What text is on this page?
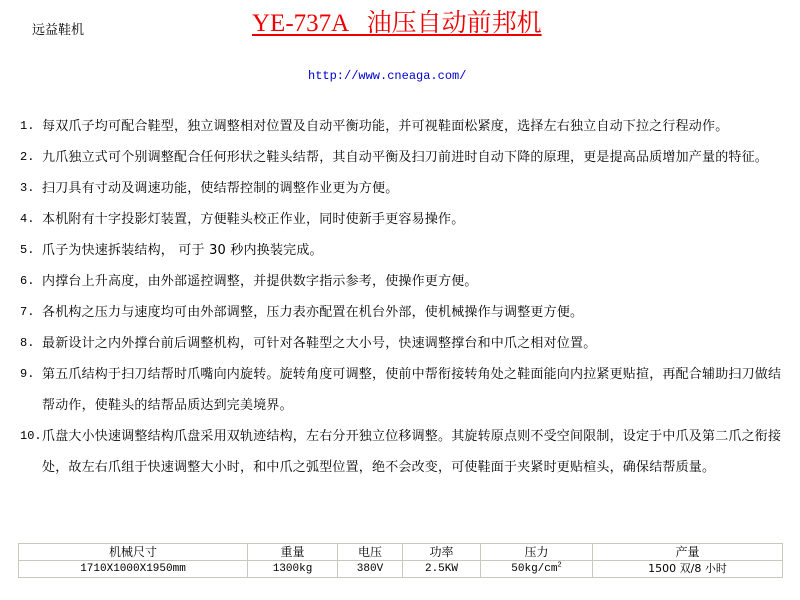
远益鞋机	YE-737A   油压自动前邦机
http://www.cneaga.com/
1. 每双爪子均可配合鞋型，独立调整相对位置及自动平衡功能，并可视鞋面松紧度，选择左右独立自动下拉之行程动作。
2. 九爪独立式可个别调整配合任何形状之鞋头结帮，其自动平衡及扫刀前进时自动下降的原理，更是提高品质增加产量的特征。
3. 扫刀具有寸动及调速功能，使结帮控制的调整作业更为方便。
4. 本机附有十字投影灯装置，方便鞋头校正作业，同时使新手更容易操作。
5. 爪子为快速拆装结构， 可于 30 秒内换装完成。
6. 内撑台上升高度，由外部遥控调整，并提供数字指示参考，使操作更方便。
7. 各机构之压力与速度均可由外部调整，压力表亦配置在机台外部，使机械操作与调整更方便。
8. 最新设计之内外撑台前后调整机构，可针对各鞋型之大小号，快速调整撑台和中爪之相对位置。
9. 第五爪结构于扫刀结帮时爪嘴向内旋转。旋转角度可调整，使前中帮衔接转角处之鞋面能向内拉紧更贴揎，再配合辅助扫刀做结帮动作，使鞋头的结帮品质达到完美境界。
10. 爪盘大小快速调整结构爪盘采用双轨迹结构，左右分开独立位移调整。其旋转原点则不受空间限制，设定于中爪及第二爪之衔接处，故左右爪组于快速调整大小时，和中爪之弧型位置，绝不会改变，可使鞋面于夹紧时更贴楦头，确保结帮质量。
机械尺寸	重量	电压	功率	压力	产量
1710X1000X1950mm	1300kg	380V	2.5KW	$50kg/cm^2$	1500 双/8 小时
